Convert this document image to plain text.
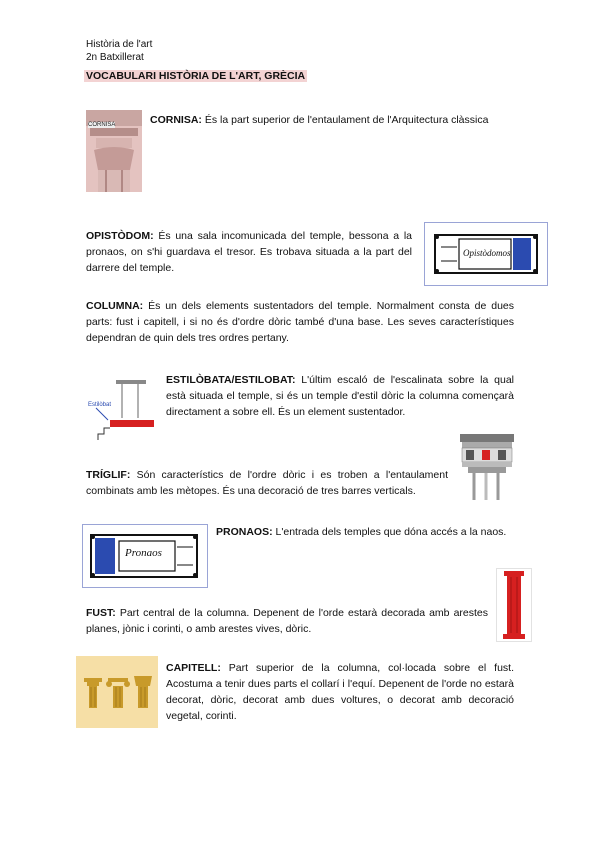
Història de l'art
2n Batxillerat
VOCABULARI HISTÒRIA DE L'ART, GRÈCIA
CORNISA	CORNISA: És la part superior de l'entaulament de l'Arquitectura clàssica
OPISTÒDOM: És una sala incomunicada del temple, bessona a la pronaos, on s'hi guardava el tresor. Es trobava situada a la part del darrere del temple.
Opistòdomos
COLUMNA: És un dels elements sustentadors del temple. Normalment consta de dues parts: fust i capitell, i si no és d'ordre dòric també d'una base. Les seves característiques dependran de quin dels tres ordres pertany.
Estilòbat
ESTILÒBATA/ESTILOBAT: L'últim escaló de l'escalinata sobre la qual està situada el temple, si és un temple d'estil dòric la columna començarà directament a sobre ell. És un element sustentador.
TRÍGLIF: Són característics de l'ordre dòric i es troben a l'entaulament combinats amb les mètopes. És una decoració de tres barres verticals.
Pronaos
PRONAOS: L'entrada dels temples que dóna accés a la naos.
FUST: Part central de la columna. Depenent de l'orde estarà decorada amb arestes planes, jònic i corinti, o amb arestes vives, dòric.
CAPITELL: Part superior de la columna, col·locada sobre el fust. Acostuma a tenir dues parts el collarí i l'equí. Depenent de l'orde no estarà decorat, dòric, decorat amb dues voltures, o decorat amb decoració vegetal, corinti.
